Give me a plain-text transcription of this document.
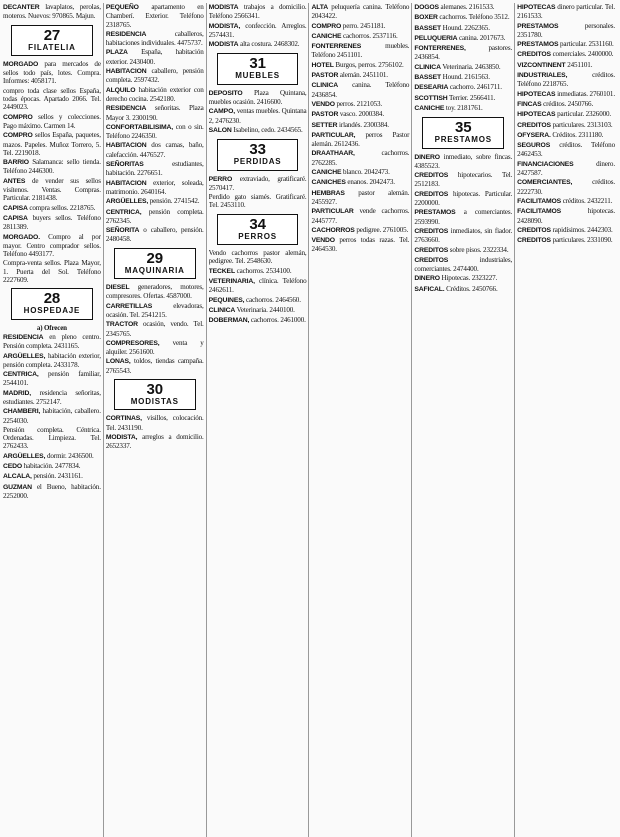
DECANTER lavaplatos, perolas, moteros. Nuevos: 970865. Majun.

27
FILATELIA

MORGADO para mercados de sellos todo país, lotes. Compra. Informes: 4058171.

compro toda clase sellos España, todas épocas. Apartado 2066. Tel. 2449023.

COMPRO sellos y colecciones. Pago máximo. Carmen 14.

COMPRO sellos España, paquetes, mazos. Papeles. Muñoz Torrero, 5. Tel. 2219018.

BARRIO Salamanca: sello tienda. Teléfono 2446300.

ANTES de vender sus sellos visítenos. Ventas. Compras. Particular. 2181438.

CAPISA compra sellos. 2218765.

CAPISA buyers sellos. Teléfono 2811389.

MORGADO. Compro al por mayor. Centro comprador sellos. Teléfono 4493177.

Compra-venta sellos. Plaza Mayor, 1. Puerta del Sol. Teléfono 2227609.

28
HOSPEDAJE
a) Ofrecen

RESIDENCIA en pleno centro. Pensión completa. 2431165.

ARGÜELLES, habitación exterior, pensión completa. 2433178.

CENTRICA, pensión familiar, 2544101.

MADRID, residencia señoritas, estudiantes. 2752147.

CHAMBERI, habitación, caballero. 2254030.

Pensión completa. Céntrica. Ordenadas. Limpieza. Tel. 2762433.

ARGÜELLES, dormir. 2436500.

CEDO habitación. 2477834.

ALCALA, pensión. 2431161.

GUZMAN el Bueno, habitación. 2252000.

PEQUEÑO apartamento en Chamberí. Exterior. Teléfono 2318765.

RESIDENCIA	caballeros, habitaciones individuales. 4475737.

PLAZA España, habitación exterior. 2430400.

HABITACION caballero, pensión completa. 2597432.

ALQUILO habitación exterior con derecho cocina. 2542180.

RESIDENCIA señoritas. Plaza Mayor 3. 2300190.

CONFORTABILISIMA, con o sin. Teléfono 2246350.

HABITACION dos camas, baño, calefacción. 4476527.

SEÑORITAS	estudiantes, habitación. 2276651.

HABITACION exterior, soleada, matrimonio. 2640164.

ARGÜELLES, pensión. 2741542.

CENTRICA, pensión completa. 2762345.

SEÑORITA o caballero, pensión. 2480458.

29
MAQUINARIA

DIESEL generadores, motores, compresores. Ofertas. 4587000.

CARRETILLAS	elevadoras, ocasión. Tel. 2541215.

TRACTOR ocasión, vendo. Tel. 2345765.

COMPRESORES, venta y alquiler. 2561600.

LONAS, toldos, tiendas campaña. 2765543.

30
MODISTAS

CORTINAS, visillos, colocación. Tel. 2431190.

MODISTA, arreglos a domicilio. 2652337.

MODISTA trabajos a domicilio. Teléfono 2566341.

MODISTA, confección. Arreglos. 2574431.

MODISTA alta costura. 2468302.

31
MUEBLES

DEPOSITO Plaza Quintana, muebles ocasión. 2416600.

CAMPO, ventas muebles. Quintana 2, 2476230.

SALON Isabelino, cedo. 2434565.

33
PERDIDAS

PERRO extraviado, gratificaré. 2570417.

Perdido gato siamés. Gratificaré. Tel. 2453110.

34
PERROS

Vendo cachorros pastor alemán, pedigree. Tel. 2548630.

TECKEL cachorros. 2534100.

VETERINARIA, clínica. Teléfono 2462611.

PEQUINES, cachorros. 2464560.

CLINICA Veterinaria. 2440100.

DOBERMAN, cachorros. 2461000.

ALTA peluquería canina. Teléfono 2043422.

COMPRO perro. 2451181.

CANICHE cachorros. 2537116.

FONTERRENES	muebles. Teléfono 2451101.

HOTEL Burgos, perros. 2756102.

PASTOR alemán. 2451101.

CLINICA canina. Teléfono 2436854.

VENDO perros. 2121053.

PASTOR vasco. 2000384.

SETTER irlandés. 2300384.

PARTICULAR, perros Pastor alemán. 2612436.

DRAATHAAR,	cachorros. 2762285.

CANICHE blanco. 2042473.

CANICHES enanos. 2042473.

HEMBRAS pastor alemán. 2455927.

PARTICULAR vende cachorros. 2445777.

CACHORROS pedigree. 2761005.

VENDO perros todas razas. Tel. 2464530.

DOGOS alemanes. 2161533.

BOXER cachorros. Teléfono 3512.

BASSET Hound. 2262365.

PELUQUERIA canina. 2017673.

FONTERRENES,	pastores. 2436854.

CLINICA Veterinaria. 2463850.

BASSET Hound. 2161563.

DESEARIA cachorro. 2461711.

SCOTTISH Terrier. 2566411.

CANICHE toy. 2181761.

35
PRESTAMOS

DINERO inmediato, sobre fincas. 4385523.

CREDITOS hipotecarios. Tel. 2512183.

CREDITOS hipotecas. Particular. 2200000.

PRESTAMOS a comerciantes. 2593990.

CREDITOS inmediatos, sin fiador. 2763660.

CREDITOS sobre pisos. 2322334.

CREDITOS	industriales, comerciantes. 2474400.

DINERO Hipotecas. 2323227.

SAFICAL. Créditos. 2450766.

HIPOTECAS dinero particular. Tel. 2161533.

PRESTAMOS	personales. 2351780.

PRESTAMOS particular. 2531160.

CREDITOS comerciales. 2400000.

VIZCONTINENT 2451101.

INDUSTRIALES,	créditos. Teléfono 2218765.

HIPOTECAS inmediatas. 2760101.

FINCAS créditos. 2450766.

HIPOTECAS particular. 2326000.

CREDITOS particulares. 2313103.

OFYSERA. Créditos. 2311180.

SEGUROS créditos. Teléfono 2462453.

FINANCIACIONES	dinero. 2427587.

COMERCIANTES,	créditos. 2222730.

FACILITAMOS créditos. 2432211.

FACILITAMOS	hipotecas. 2428090.

CREDITOS rapidísimos. 2442303.

CREDITOS particulares. 2331090.
